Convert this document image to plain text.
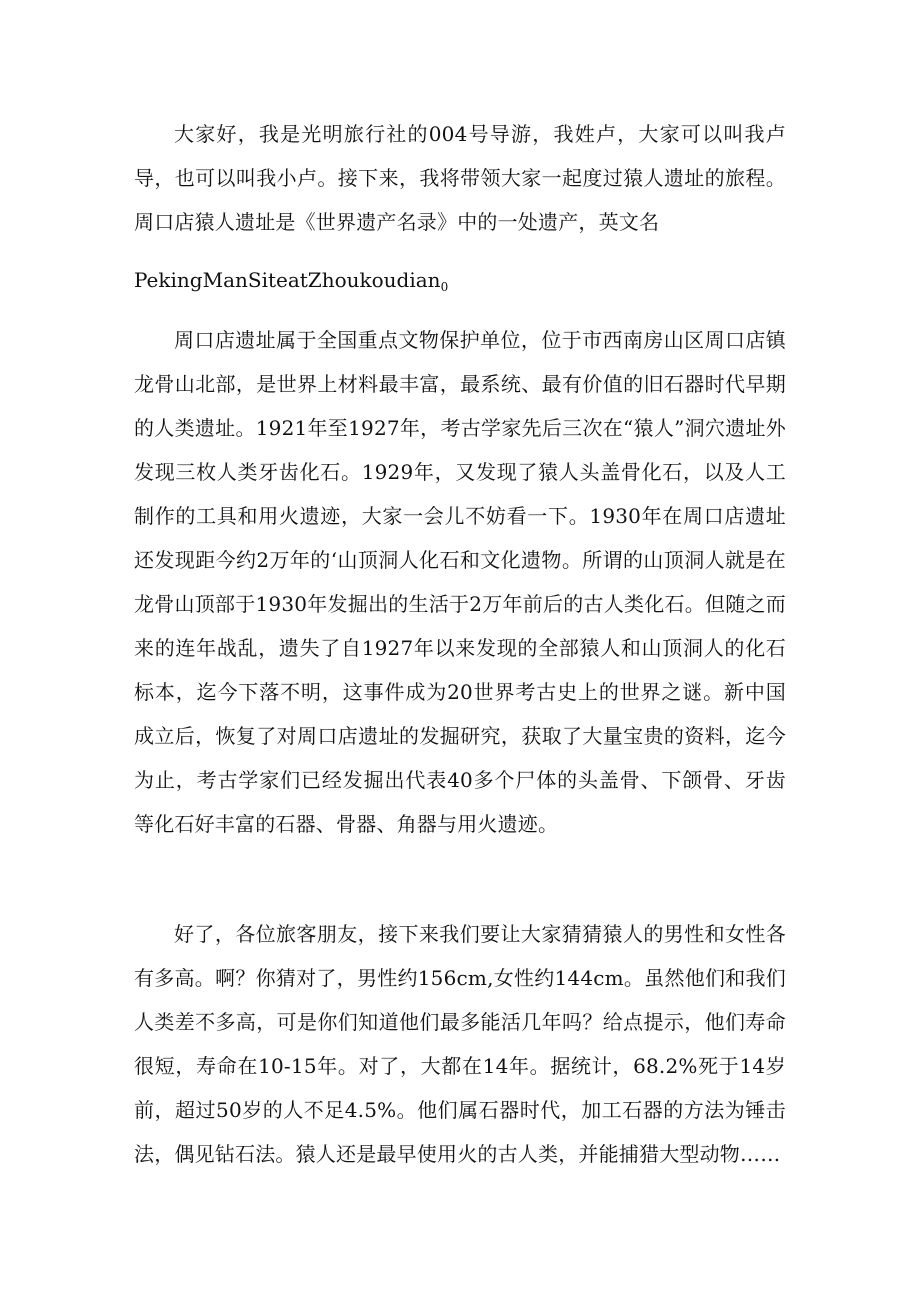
大家好，我是光明旅行社的004号导游，我姓卢，大家可以叫我卢导，也可以叫我小卢。接下来，我将带领大家一起度过猿人遗址的旅程。周口店猿人遗址是《世界遗产名录》中的一处遗产，英文名

PekingManSiteatZhoukoudian$_0$

周口店遗址属于全国重点文物保护单位，位于市西南房山区周口店镇龙骨山北部，是世界上材料最丰富，最系统、最有价值的旧石器时代早期的人类遗址。1921年至1927年，考古学家先后三次在“猿人”洞穴遗址外发现三枚人类牙齿化石。1929年，又发现了猿人头盖骨化石，以及人工制作的工具和用火遗迹，大家一会儿不妨看一下。1930年在周口店遗址还发现距今约2万年的‘山顶洞人化石和文化遗物。所谓的山顶洞人就是在龙骨山顶部于1930年发掘出的生活于2万年前后的古人类化石。但随之而来的连年战乱，遗失了自1927年以来发现的全部猿人和山顶洞人的化石标本，迄今下落不明，这事件成为20世界考古史上的世界之谜。新中国成立后，恢复了对周口店遗址的发掘研究，获取了大量宝贵的资料，迄今为止，考古学家们已经发掘出代表40多个尸体的头盖骨、下颌骨、牙齿等化石好丰富的石器、骨器、角器与用火遗迹。

好了，各位旅客朋友，接下来我们要让大家猜猜猿人的男性和女性各有多高。啊？你猜对了，男性约156cm,女性约144cm。虽然他们和我们人类差不多高，可是你们知道他们最多能活几年吗？给点提示，他们寿命很短，寿命在10-15年。对了，大都在14年。据统计，68.2%死于14岁前，超过50岁的人不足4.5%。他们属石器时代，加工石器的方法为锤击法，偶见钻石法。猿人还是最早使用火的古人类，并能捕猎大型动物……
